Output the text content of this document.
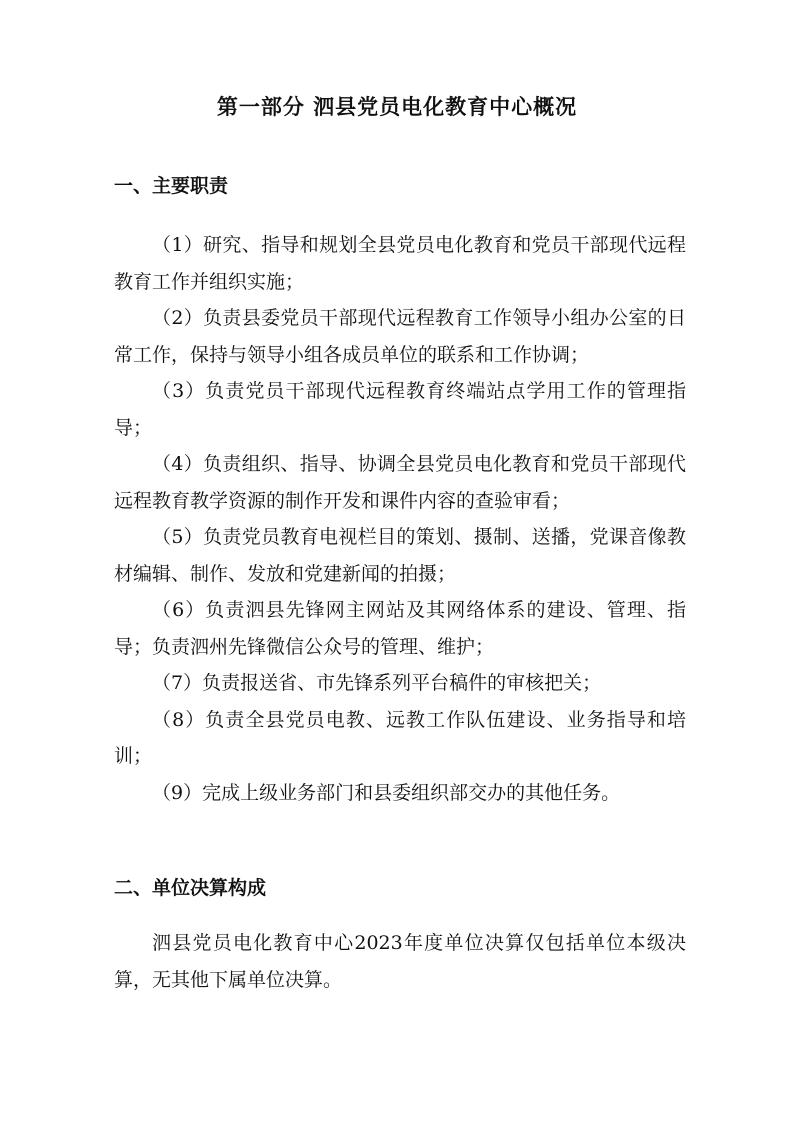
第一部分 泗县党员电化教育中心概况
一、主要职责

（1）研究、指导和规划全县党员电化教育和党员干部现代远程教育工作并组织实施；

（2）负责县委党员干部现代远程教育工作领导小组办公室的日常工作，保持与领导小组各成员单位的联系和工作协调；

（3）负责党员干部现代远程教育终端站点学用工作的管理指导；

（4）负责组织、指导、协调全县党员电化教育和党员干部现代远程教育教学资源的制作开发和课件内容的查验审看；

（5）负责党员教育电视栏目的策划、摄制、送播，党课音像教材编辑、制作、发放和党建新闻的拍摄；

（6）负责泗县先锋网主网站及其网络体系的建设、管理、指导；负责泗州先锋微信公众号的管理、维护；

（7）负责报送省、市先锋系列平台稿件的审核把关；

（8）负责全县党员电教、远教工作队伍建设、业务指导和培训；

（9）完成上级业务部门和县委组织部交办的其他任务。

二、单位决算构成

泗县党员电化教育中心2023年度单位决算仅包括单位本级决算，无其他下属单位决算。
